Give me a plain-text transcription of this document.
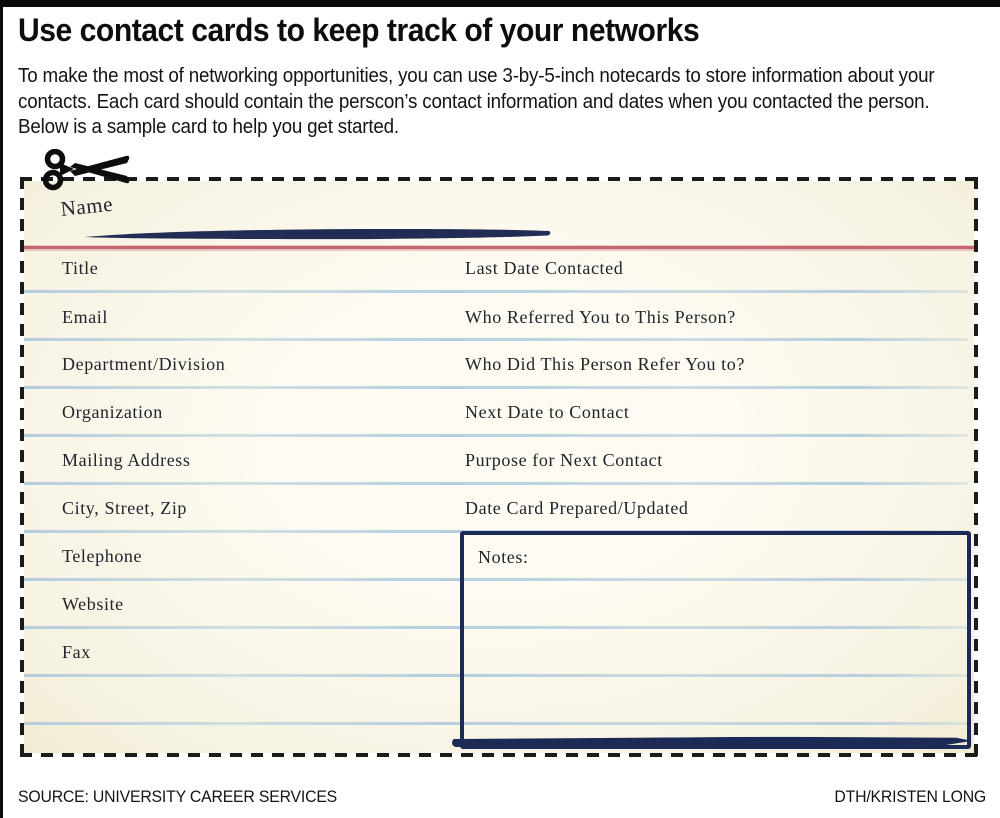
Use contact cards to keep track of your networks
To make the most of networking opportunities, you can use 3-by-5-inch notecards to store information about your
contacts. Each card should contain the perscon’s contact information and dates when you contacted the person.
Below is a sample card to help you get started.
Name
Title
Email
Department/Division
Organization
Mailing Address
City, Street, Zip
Telephone
Website
Fax
Last Date Contacted
Who Referred You to This Person?
Who Did This Person Refer You to?
Next Date to Contact
Purpose for Next Contact
Date Card Prepared/Updated
Notes:
SOURCE: UNIVERSITY CAREER SERVICES	DTH/KRISTEN LONG
